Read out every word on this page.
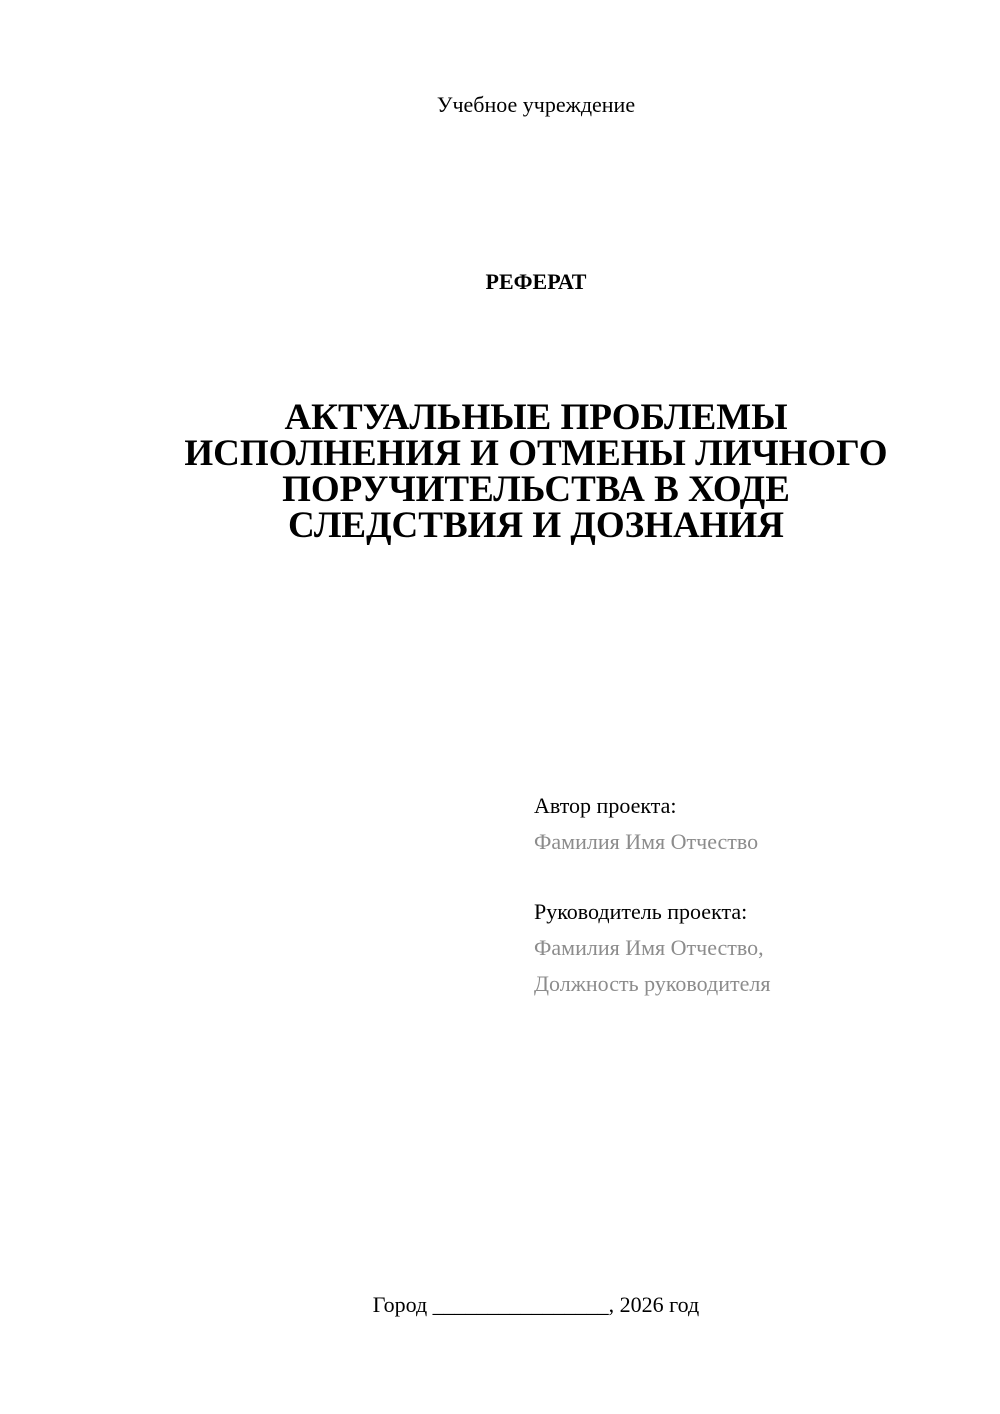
Учебное учреждение
РЕФЕРАТ
АКТУАЛЬНЫЕ ПРОБЛЕМЫ
ИСПОЛНЕНИЯ И ОТМЕНЫ ЛИЧНОГО
ПОРУЧИТЕЛЬСТВА В ХОДЕ
СЛЕДСТВИЯ И ДОЗНАНИЯ
Автор проекта:
Фамилия Имя Отчество
Руководитель проекта:
Фамилия Имя Отчество,
Должность руководителя
Город ________________, 2026 год
